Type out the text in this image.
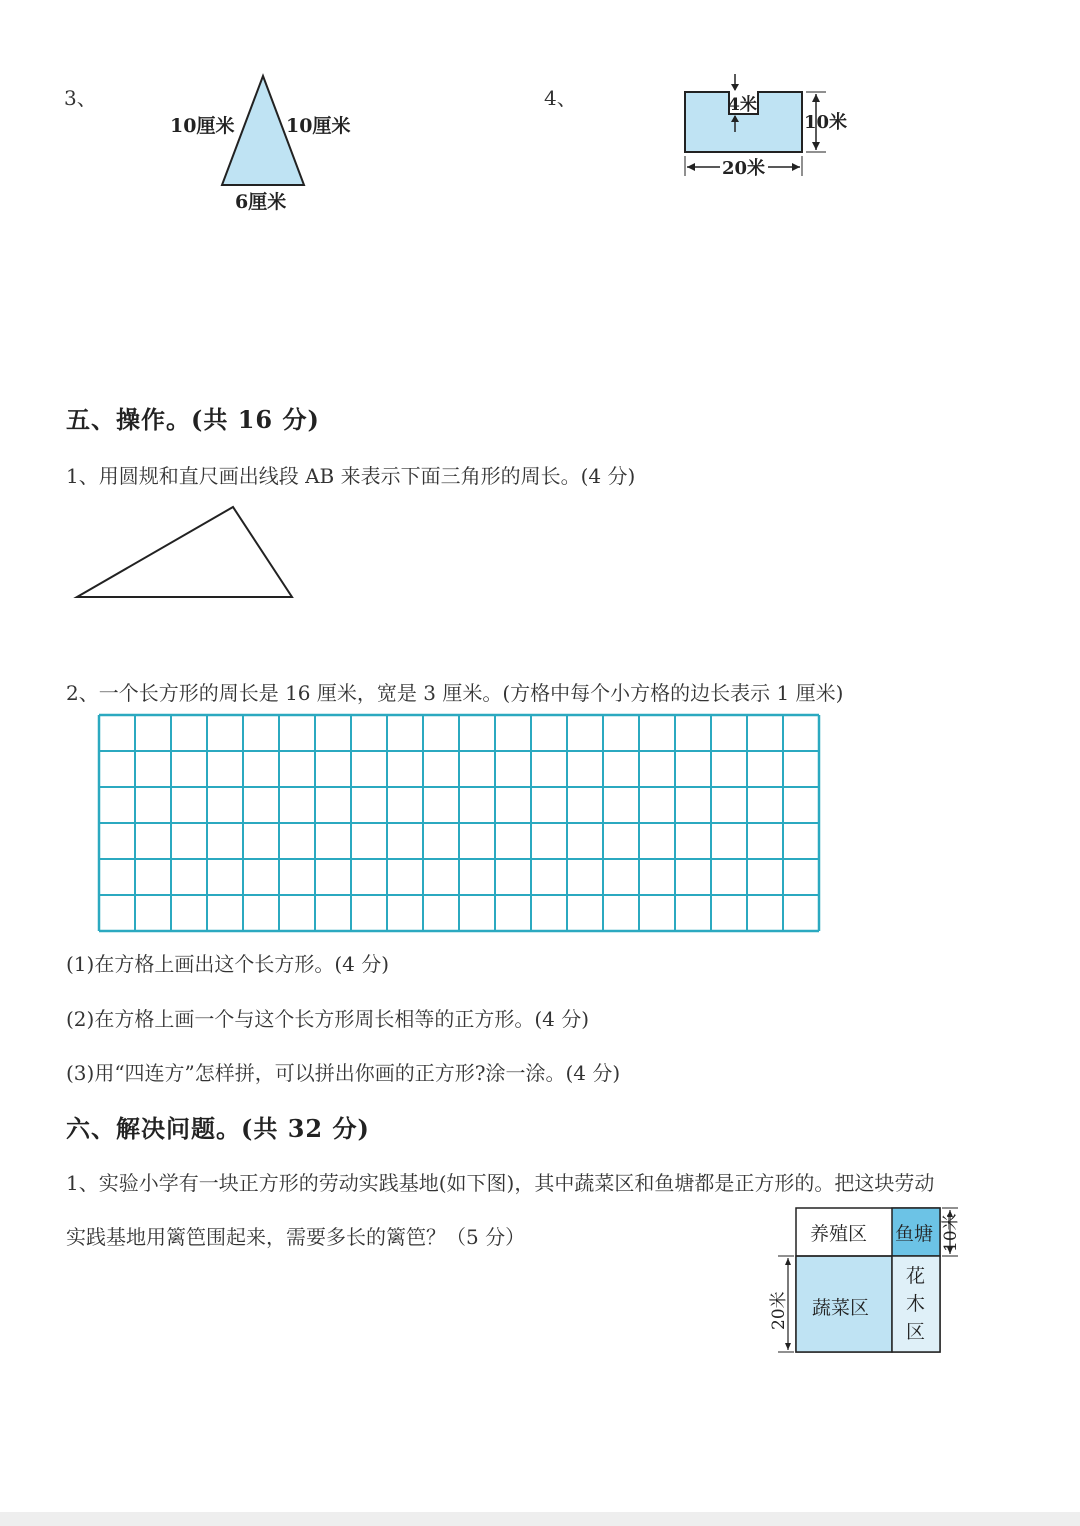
3、
10厘米	10厘米
6厘米
4、	4米
10米
20米
五、操作。(共 16 分)
1、用圆规和直尺画出线段 AB 来表示下面三角形的周长。(4 分)
2、一个长方形的周长是 16 厘米，宽是 3 厘米。(方格中每个小方格的边长表示 1 厘米)
(1)在方格上画出这个长方形。(4 分)
(2)在方格上画一个与这个长方形周长相等的正方形。(4 分)
(3)用“四连方”怎样拼，可以拼出你画的正方形?涂一涂。(4 分)
六、解决问题。(共 32 分)
1、实验小学有一块正方形的劳动实践基地(如下图)，其中蔬菜区和鱼塘都是正方形的。把这块劳动
实践基地用篱笆围起来，需要多长的篱笆？（5 分）	养殖区 鱼塘
蔬菜区
花
木
区
10米
20米
